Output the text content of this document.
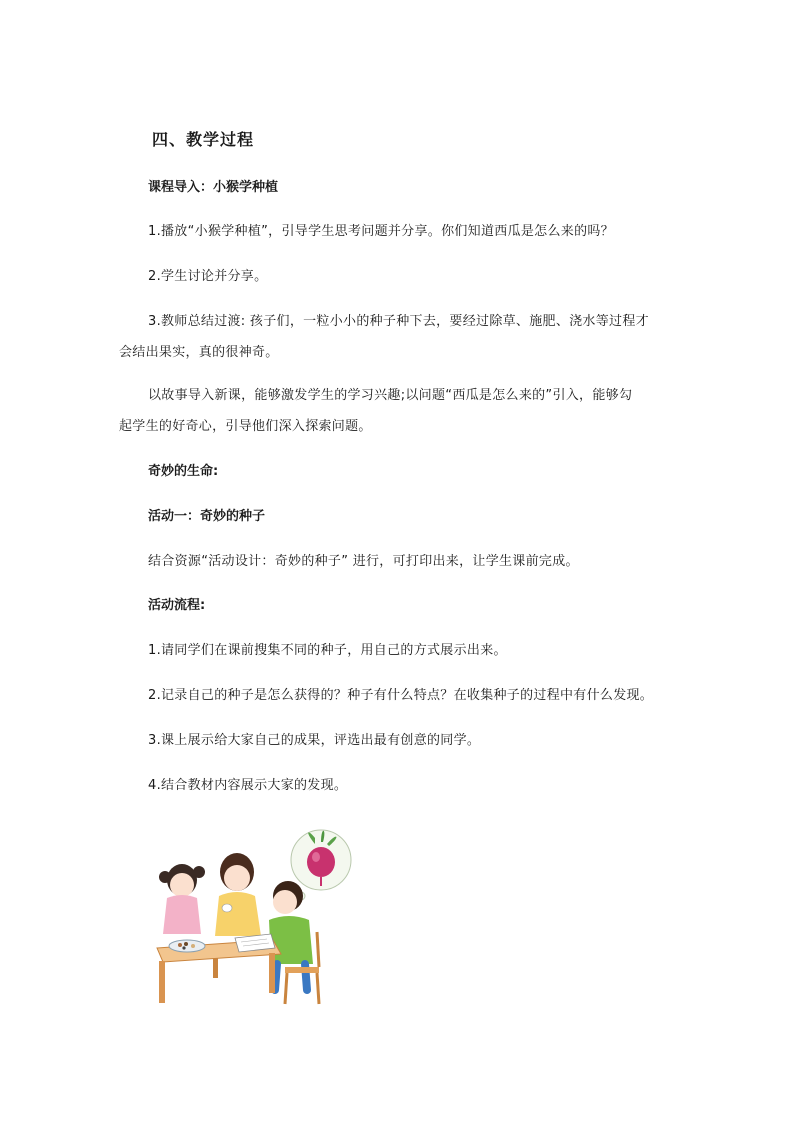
四、教学过程

课程导入：小猴学种植

1.播放“小猴学种植”，引导学生思考问题并分享。你们知道西瓜是怎么来的吗？

2.学生讨论并分享。

3.教师总结过渡: 孩子们，一粒小小的种子种下去，要经过除草、施肥、浇水等过程才

会结出果实，真的很神奇。

以故事导入新课，能够激发学生的学习兴趣;以问题“西瓜是怎么来的”引入，能够勾

起学生的好奇心，引导他们深入探索问题。

奇妙的生命:

活动一：奇妙的种子

结合资源“活动设计：奇妙的种子” 进行，可打印出来，让学生课前完成。

活动流程:

1.请同学们在课前搜集不同的种子，用自己的方式展示出来。

2.记录自己的种子是怎么获得的？种子有什么特点？在收集种子的过程中有什么发现。

3.课上展示给大家自己的成果，评选出最有创意的同学。

4.结合教材内容展示大家的发现。
